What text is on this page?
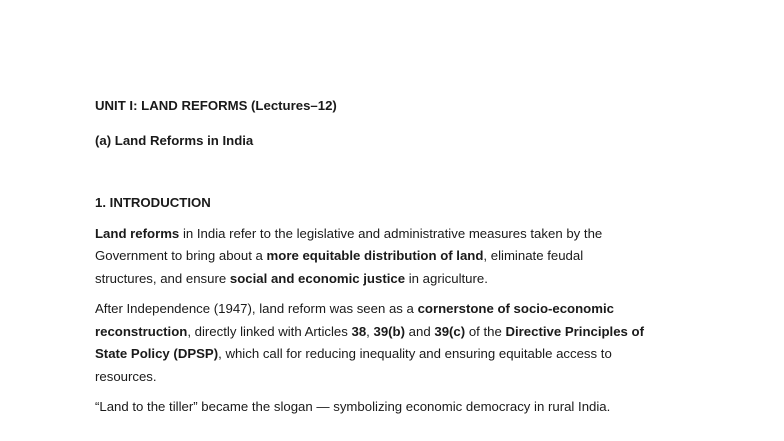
UNIT I: LAND REFORMS (Lectures–12)

(a) Land Reforms in India

1. INTRODUCTION

Land reforms in India refer to the legislative and administrative measures taken by the

Government to bring about a more equitable distribution of land, eliminate feudal

structures, and ensure social and economic justice in agriculture.

After Independence (1947), land reform was seen as a cornerstone of socio-economic

reconstruction, directly linked with Articles 38, 39(b) and 39(c) of the Directive Principles of

State Policy (DPSP), which call for reducing inequality and ensuring equitable access to

resources.

“Land to the tiller” became the slogan — symbolizing economic democracy in rural India.
